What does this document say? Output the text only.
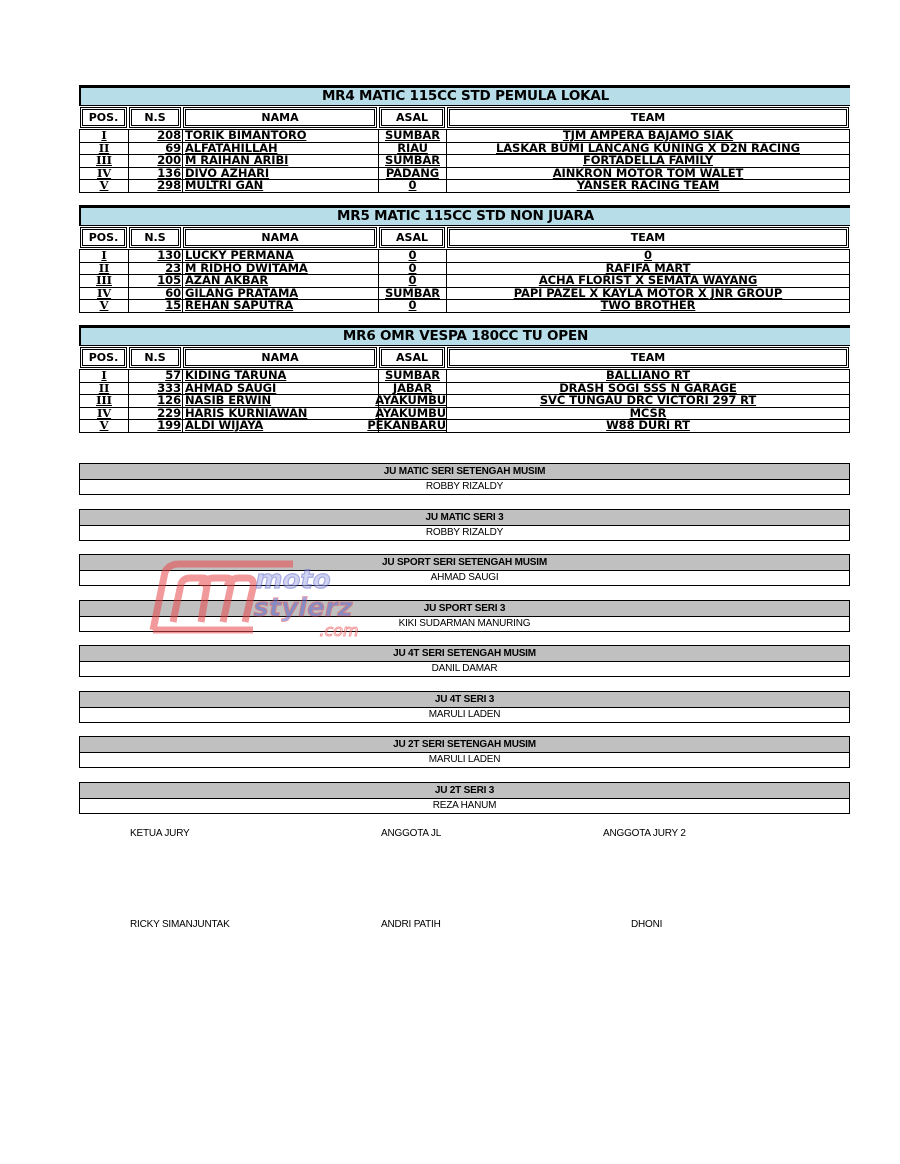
MR4 MATIC 115CC STD PEMULA LOKAL
POS.	N.S	NAMA	ASAL	TEAM
I	208 TORIK BIMANTORO	SUMBAR	TJM AMPERA BAJAMO SIAK
II	69 ALFATAHILLAH	RIAU	LASKAR BUMI LANCANG KUNING X D2N RACING
III	200 M RAIHAN ARIBI	SUMBAR	FORTADELLA FAMILY
IV	136 DIVO AZHARI	PADANG	AINKRON MOTOR TOM WALET
V	298 MULTRI GAN	0	YANSER RACING TEAM
MR5 MATIC 115CC STD NON JUARA
POS.	N.S	NAMA	ASAL	TEAM
I	130 LUCKY PERMANA	0	0
II	23 M RIDHO DWITAMA	0	RAFIFA MART
III	105 AZAN AKBAR	0	ACHA FLORIST X SEMATA WAYANG
IV	60 GILANG PRATAMA	SUMBAR	PAPI PAZEL X KAYLA MOTOR X JNR GROUP
V	15 REHAN SAPUTRA	0	TWO BROTHER
MR6 OMR VESPA 180CC TU OPEN
POS.	N.S	NAMA	ASAL	TEAM
I	57 KIDING TARUNA	SUMBAR	BALLIANO RT
II	333 AHMAD SAUGI	JABAR	DRASH SOGI SSS N GARAGE
III	126 NASIB ERWIN	AYAKUMBU	SVC TUNGAU DRC VICTORI 297 RT
IV	229 HARIS KURNIAWAN	AYAKUMBU	MCSR
V	199 ALDI WIJAYA	PEKANBARU	W88 DURI RT
JU MATIC SERI SETENGAH MUSIM
ROBBY RIZALDY
JU MATIC SERI 3
ROBBY RIZALDY
JU SPORT SERI SETENGAH MUSIM
AHMAD SAUGI
JU SPORT SERI 3
KIKI SUDARMAN MANURING
JU 4T SERI SETENGAH MUSIM
DANIL DAMAR
JU 4T SERI 3
MARULI LADEN
JU 2T SERI SETENGAH MUSIM
MARULI LADEN
JU 2T SERI 3
REZA HANUM
moto
stylerz
.com
KETUA JURY	ANGGOTA JL	ANGGOTA JURY 2
RICKY SIMANJUNTAK	ANDRI PATIH	DHONI
